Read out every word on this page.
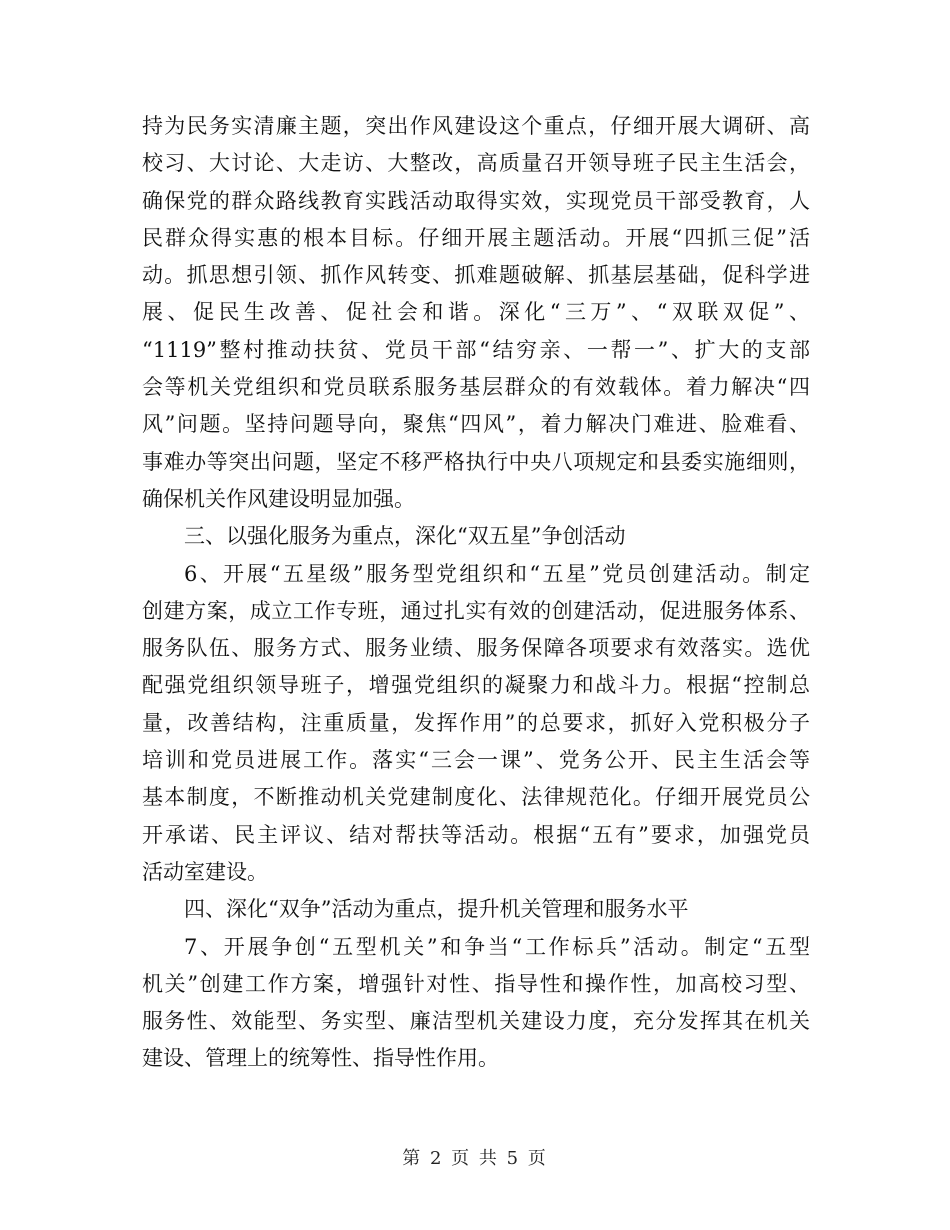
持为民务实清廉主题，突出作风建设这个重点，仔细开展大调研、高
校习、大讨论、大走访、大整改，高质量召开领导班子民主生活会，
确保党的群众路线教育实践活动取得实效，实现党员干部受教育，人
民群众得实惠的根本目标。仔细开展主题活动。开展“四抓三促”活
动。抓思想引领、抓作风转变、抓难题破解、抓基层基础，促科学进
展、促民生改善、促社会和谐。深化“三万”、“双联双促”、
“1119”整村推动扶贫、党员干部“结穷亲、一帮一”、扩大的支部
会等机关党组织和党员联系服务基层群众的有效载体。着力解决“四
风”问题。坚持问题导向，聚焦“四风”，着力解决门难进、脸难看、
事难办等突出问题，坚定不移严格执行中央八项规定和县委实施细则，
确保机关作风建设明显加强。
三、以强化服务为重点，深化“双五星”争创活动
6、开展“五星级”服务型党组织和“五星”党员创建活动。制定
创建方案，成立工作专班，通过扎实有效的创建活动，促进服务体系、
服务队伍、服务方式、服务业绩、服务保障各项要求有效落实。选优
配强党组织领导班子，增强党组织的凝聚力和战斗力。根据“控制总
量，改善结构，注重质量，发挥作用”的总要求，抓好入党积极分子
培训和党员进展工作。落实“三会一课”、党务公开、民主生活会等
基本制度，不断推动机关党建制度化、法律规范化。仔细开展党员公
开承诺、民主评议、结对帮扶等活动。根据“五有”要求，加强党员
活动室建设。
四、深化“双争”活动为重点，提升机关管理和服务水平
7、开展争创“五型机关”和争当“工作标兵”活动。制定“五型
机关”创建工作方案，增强针对性、指导性和操作性，加高校习型、
服务性、效能型、务实型、廉洁型机关建设力度，充分发挥其在机关
建设、管理上的统筹性、指导性作用。
第 2 页 共 5 页
